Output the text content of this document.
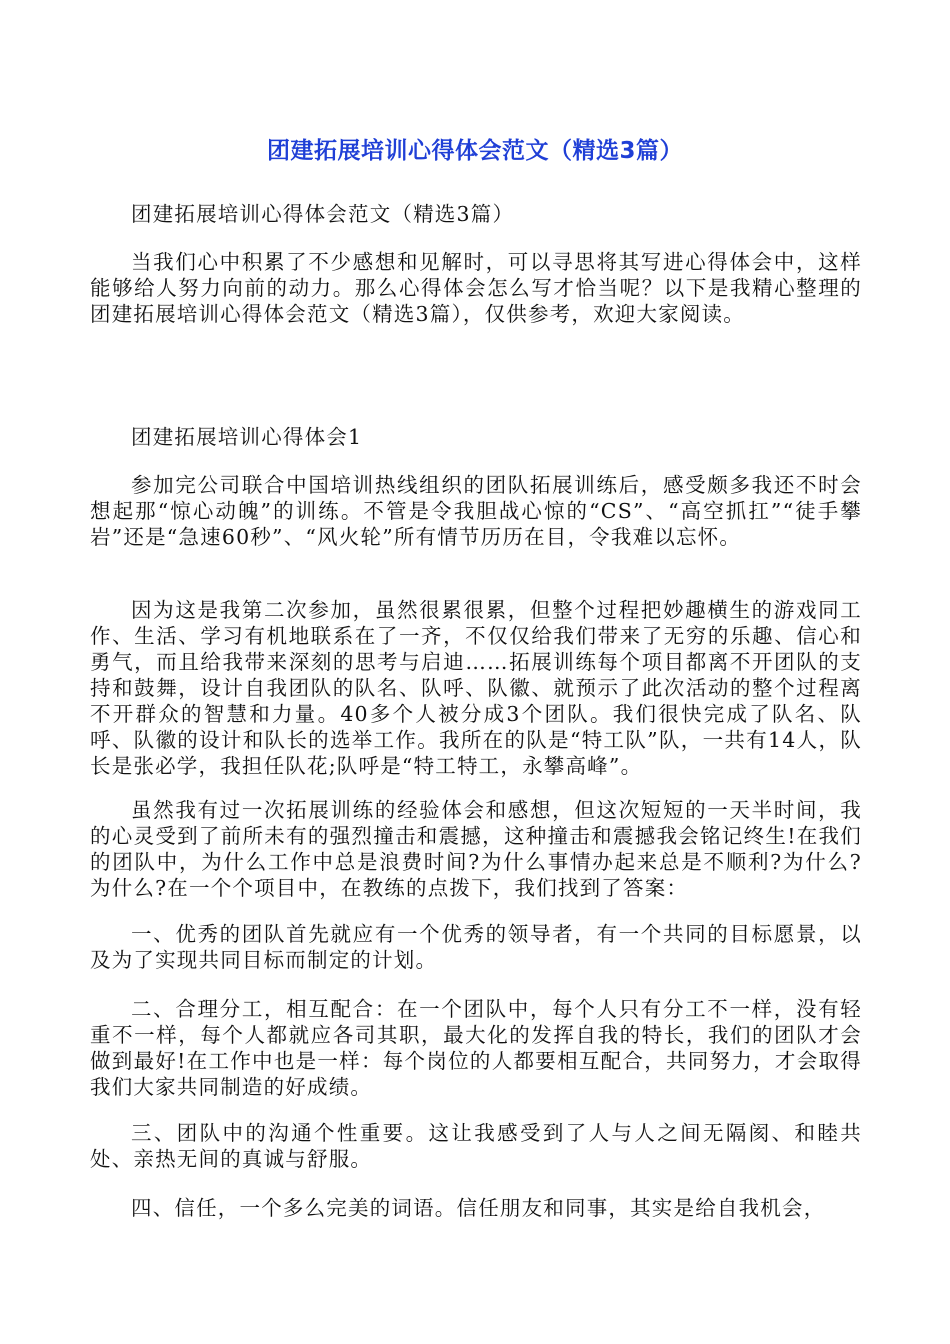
团建拓展培训心得体会范文（精选3篇）

团建拓展培训心得体会范文（精选3篇）

当我们心中积累了不少感想和见解时，可以寻思将其写进心得体会中，这样能够给人努力向前的动力。那么心得体会怎么写才恰当呢？以下是我精心整理的团建拓展培训心得体会范文（精选3篇），仅供参考，欢迎大家阅读。

团建拓展培训心得体会1

参加完公司联合中国培训热线组织的团队拓展训练后，感受颇多我还不时会想起那“惊心动魄”的训练。不管是令我胆战心惊的“CS”、“高空抓扛”“徒手攀岩”还是“急速60秒”、“风火轮”所有情节历历在目，令我难以忘怀。

因为这是我第二次参加，虽然很累很累，但整个过程把妙趣横生的游戏同工作、生活、学习有机地联系在了一齐，不仅仅给我们带来了无穷的乐趣、信心和勇气，而且给我带来深刻的思考与启迪……拓展训练每个项目都离不开团队的支持和鼓舞，设计自我团队的队名、队呼、队徽、就预示了此次活动的整个过程离不开群众的智慧和力量。40多个人被分成3个团队。我们很快完成了队名、队呼、队徽的设计和队长的选举工作。我所在的队是“特工队”队，一共有14人，队长是张必学，我担任队花;队呼是“特工特工，永攀高峰”。

虽然我有过一次拓展训练的经验体会和感想，但这次短短的一天半时间，我的心灵受到了前所未有的强烈撞击和震撼，这种撞击和震撼我会铭记终生!在我们的团队中，为什么工作中总是浪费时间?为什么事情办起来总是不顺利?为什么?为什么?在一个个项目中，在教练的点拨下，我们找到了答案：

一、优秀的团队首先就应有一个优秀的领导者，有一个共同的目标愿景，以及为了实现共同目标而制定的计划。

二、合理分工，相互配合：在一个团队中，每个人只有分工不一样，没有轻重不一样，每个人都就应各司其职，最大化的发挥自我的特长，我们的团队才会做到最好!在工作中也是一样：每个岗位的人都要相互配合，共同努力，才会取得我们大家共同制造的好成绩。

三、团队中的沟通个性重要。这让我感受到了人与人之间无隔阂、和睦共处、亲热无间的真诚与舒服。

四、信任，一个多么完美的词语。信任朋友和同事，其实是给自我机会，
